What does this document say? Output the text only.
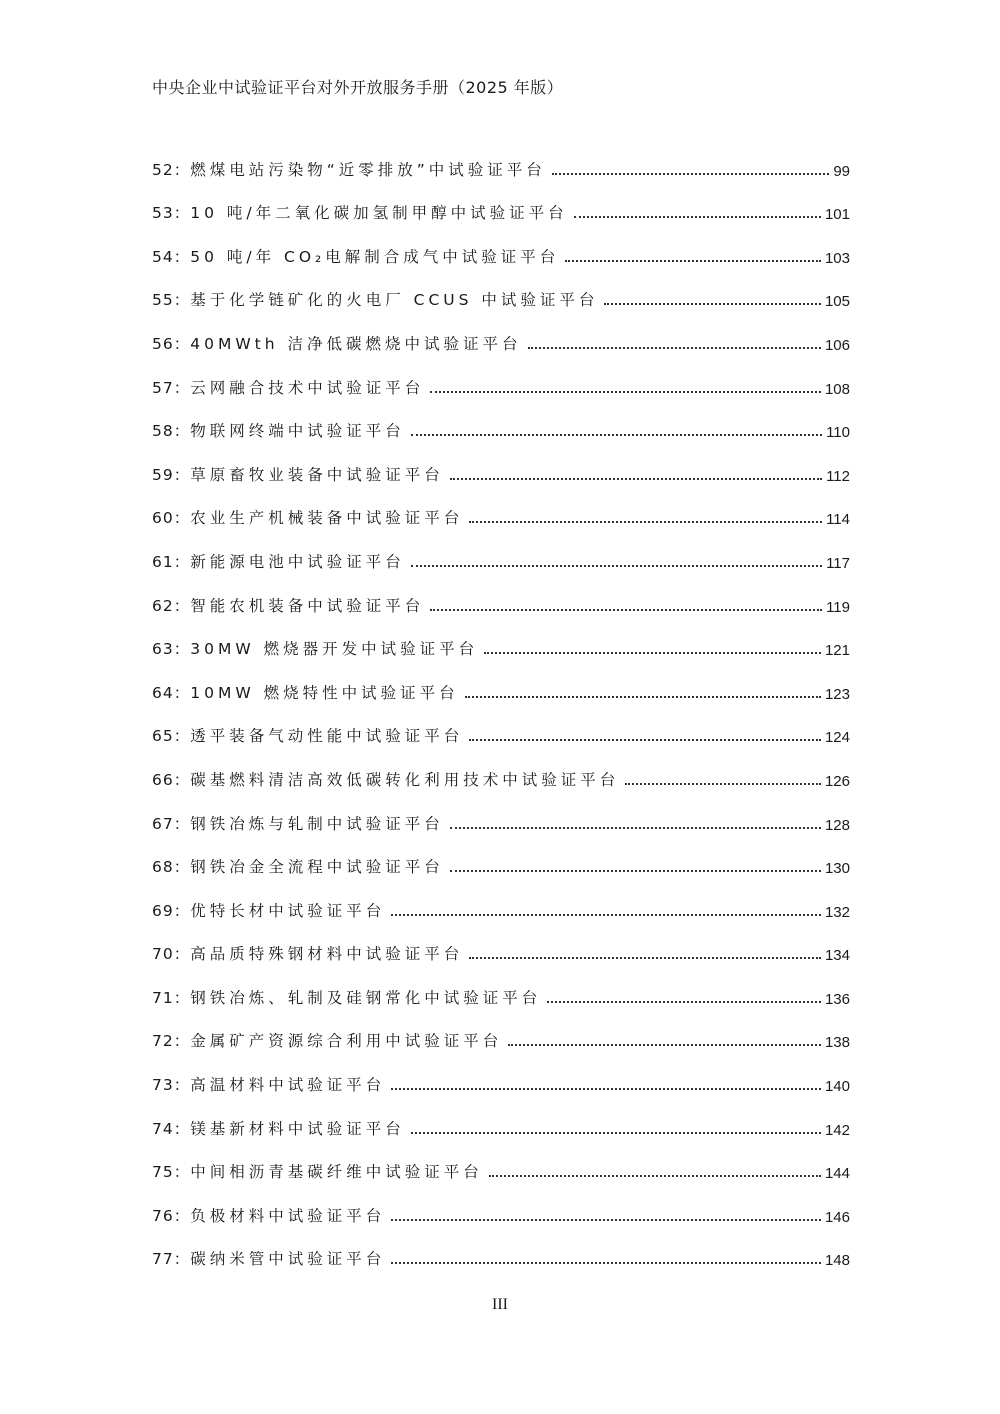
中央企业中试验证平台对外开放服务手册（2025 年版）
52： 燃煤电站污染物“近零排放”中试验证平台	99
53： 10 吨/年二氧化碳加氢制甲醇中试验证平台	101
54： 50 吨/年 CO₂电解制合成气中试验证平台	103
55： 基于化学链矿化的火电厂 CCUS 中试验证平台	105
56： 40MWth 洁净低碳燃烧中试验证平台	106
57： 云网融合技术中试验证平台	108
58： 物联网终端中试验证平台	110
59： 草原畜牧业装备中试验证平台	112
60： 农业生产机械装备中试验证平台	114
61： 新能源电池中试验证平台	117
62： 智能农机装备中试验证平台	119
63： 30MW 燃烧器开发中试验证平台	121
64： 10MW 燃烧特性中试验证平台	123
65： 透平装备气动性能中试验证平台	124
66： 碳基燃料清洁高效低碳转化利用技术中试验证平台	126
67： 钢铁冶炼与轧制中试验证平台	128
68： 钢铁冶金全流程中试验证平台	130
69： 优特长材中试验证平台	132
70： 高品质特殊钢材料中试验证平台	134
71： 钢铁冶炼、轧制及硅钢常化中试验证平台	136
72： 金属矿产资源综合利用中试验证平台	138
73： 高温材料中试验证平台	140
74： 镁基新材料中试验证平台	142
75： 中间相沥青基碳纤维中试验证平台	144
76： 负极材料中试验证平台	146
77： 碳纳米管中试验证平台	148
III
